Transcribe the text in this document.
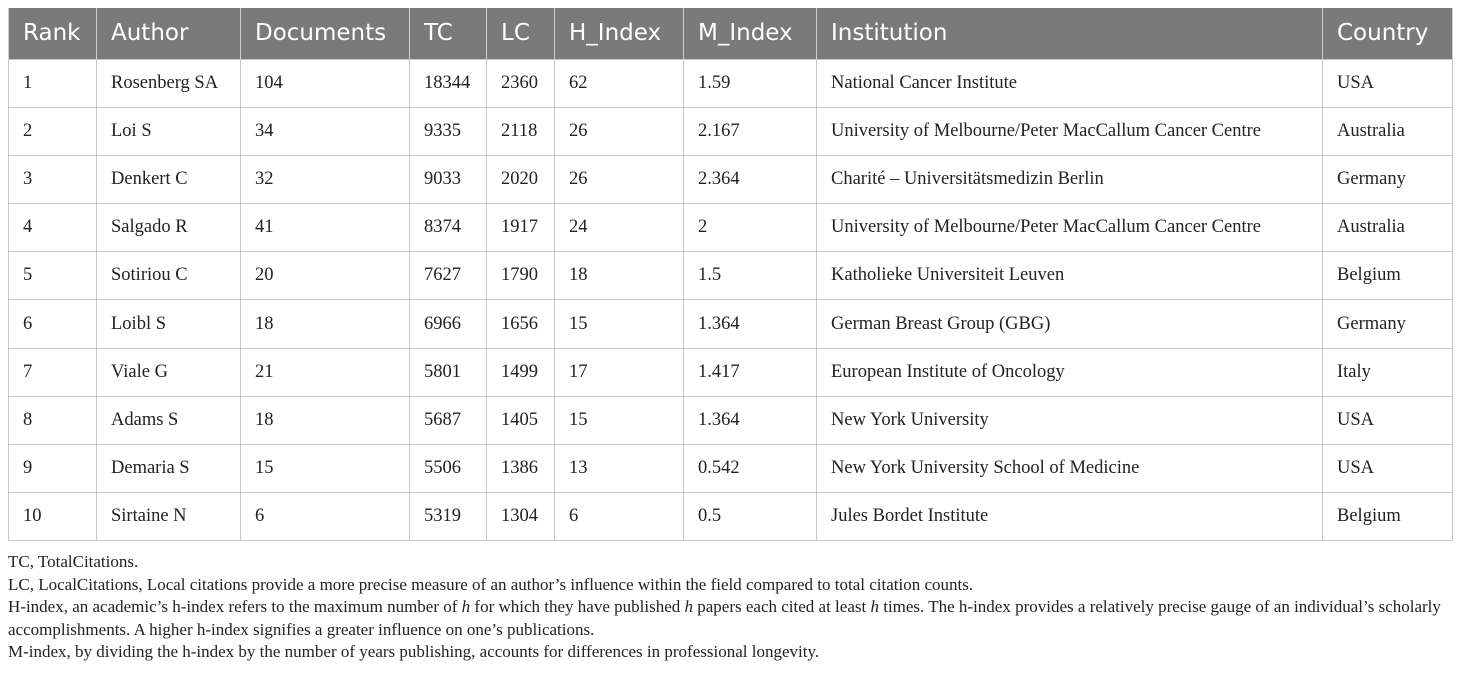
Rank	Author	Documents	TC	LC	H_Index	M_Index	Institution	Country
1	Rosenberg SA	104	18344	2360	62	1.59	National Cancer Institute	USA
2	Loi S	34	9335	2118	26	2.167	University of Melbourne/Peter MacCallum Cancer Centre	Australia
3	Denkert C	32	9033	2020	26	2.364	Charité – Universitätsmedizin Berlin	Germany
4	Salgado R	41	8374	1917	24	2	University of Melbourne/Peter MacCallum Cancer Centre	Australia
5	Sotiriou C	20	7627	1790	18	1.5	Katholieke Universiteit Leuven	Belgium
6	Loibl S	18	6966	1656	15	1.364	German Breast Group (GBG)	Germany
7	Viale G	21	5801	1499	17	1.417	European Institute of Oncology	Italy
8	Adams S	18	5687	1405	15	1.364	New York University	USA
9	Demaria S	15	5506	1386	13	0.542	New York University School of Medicine	USA
10	Sirtaine N	6	5319	1304	6	0.5	Jules Bordet Institute	Belgium

TC, TotalCitations.

LC, LocalCitations, Local citations provide a more precise measure of an author’s influence within the field compared to total citation counts.

H-index, an academic’s h-index refers to the maximum number of h for which they have published h papers each cited at least h times. The h-index provides a relatively precise gauge of an individual’s scholarly accomplishments. A higher h-index signifies a greater influence on one’s publications.

M-index, by dividing the h-index by the number of years publishing, accounts for differences in professional longevity.
